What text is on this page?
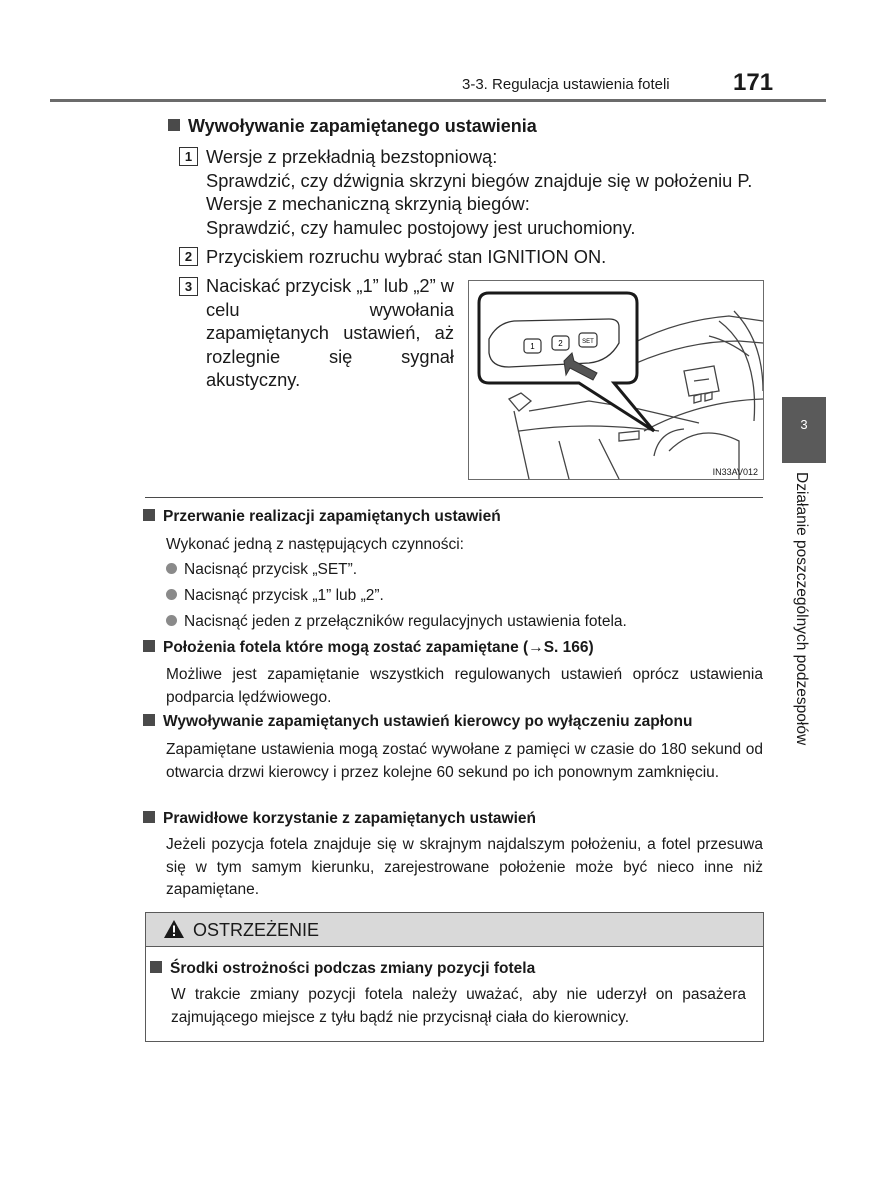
3-3. Regulacja ustawienia foteli	171
3
Działanie poszczególnych podzespołów
Wywoływanie zapamiętanego ustawienia
1 Wersje z przekładnią bezstopniową:
Sprawdzić, czy dźwignia skrzyni biegów znajduje się w położeniu P.
Wersje z mechaniczną skrzynią biegów:
Sprawdzić, czy hamulec postojowy jest uruchomiony.
2 Przyciskiem rozruchu wybrać stan IGNITION ON.
3 Naciskać przycisk „1” lub „2” w celu wywołania zapamiętanych ustawień, aż rozlegnie się sygnał akustyczny.
1	2	SET
IN33AV012
Przerwanie realizacji zapamiętanych ustawień
Wykonać jedną z następujących czynności:
Nacisnąć przycisk „SET”.
Nacisnąć przycisk „1” lub „2”.
Nacisnąć jeden z przełączników regulacyjnych ustawienia fotela.
Położenia fotela które mogą zostać zapamiętane (→S. 166)
Możliwe jest zapamiętanie wszystkich regulowanych ustawień oprócz ustawienia podparcia lędźwiowego.
Wywoływanie zapamiętanych ustawień kierowcy po wyłączeniu zapłonu
Zapamiętane ustawienia mogą zostać wywołane z pamięci w czasie do 180 sekund od otwarcia drzwi kierowcy i przez kolejne 60 sekund po ich ponownym zamknięciu.
Prawidłowe korzystanie z zapamiętanych ustawień
Jeżeli pozycja fotela znajduje się w skrajnym najdalszym położeniu, a fotel przesuwa się w tym samym kierunku, zarejestrowane położenie może być nieco inne niż zapamiętane.
OSTRZEŻENIE
Środki ostrożności podczas zmiany pozycji fotela
W trakcie zmiany pozycji fotela należy uważać, aby nie uderzył on pasażera zajmującego miejsce z tyłu bądź nie przycisnął ciała do kierownicy.
